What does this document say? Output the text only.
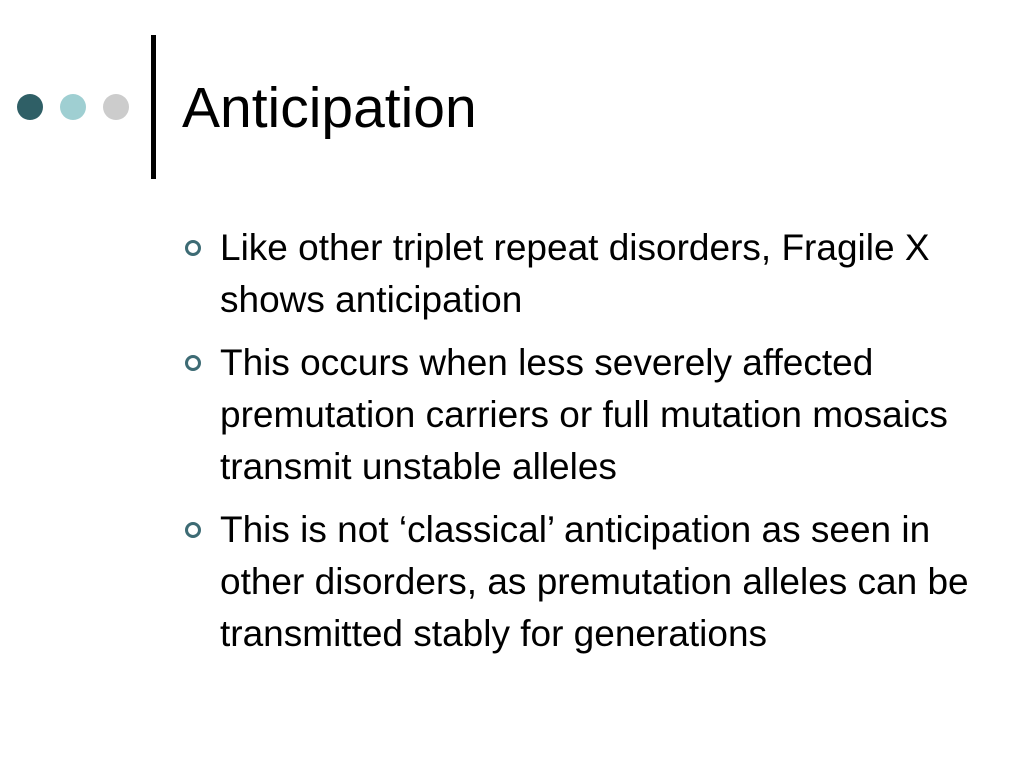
Anticipation
Like other triplet repeat disorders, Fragile X shows anticipation
This occurs when less severely affected premutation carriers or full mutation mosaics transmit unstable alleles
This is not ‘classical’ anticipation as seen in other disorders, as premutation alleles can be transmitted stably for generations
